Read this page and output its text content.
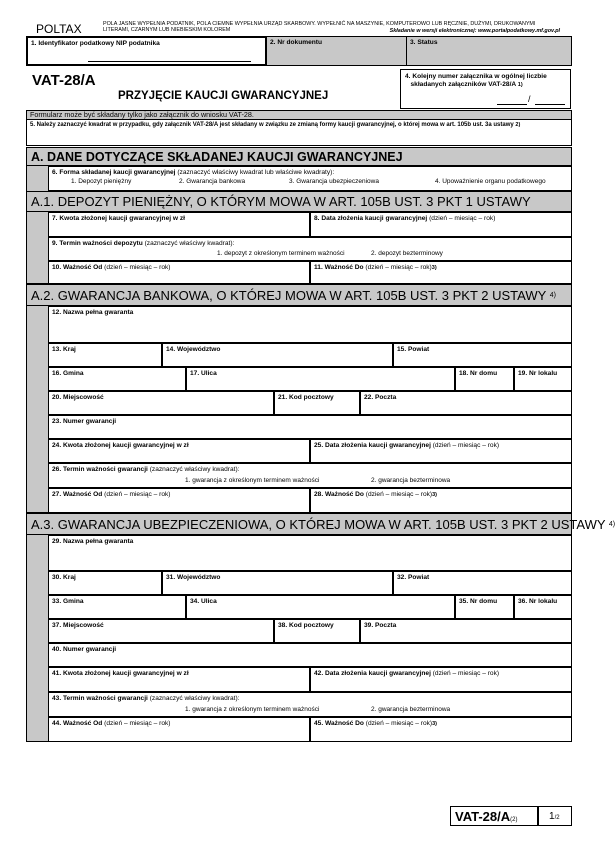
POLTAX	POLA JASNE WYPEŁNIA PODATNIK, POLA CIEMNE WYPEŁNIA URZĄD SKARBOWY. WYPEŁNIĆ NA MASZYNIE, KOMPUTEROWO LUB RĘCZNIE, DUŻYMI, DRUKOWANYMI LITERAMI, CZARNYM LUB NIEBIESKIM KOLOREM	Składanie w wersji elektronicznej: www.portalpodatkowy.mf.gov.pl
1. Identyfikator podatkowy NIP podatnika	2. Nr dokumentu	3. Status
VAT-28/A
PRZYJĘCIE KAUCJI GWARANCYJNEJ
4. Kolejny numer załącznika w ogólnej liczbie
składanych załączników VAT-28/A $^{1)}$
/
Formularz może być składany tylko jako załącznik do wniosku VAT-28.
5. Należy zaznaczyć kwadrat w przypadku, gdy załącznik VAT-28/A jest składany w związku ze zmianą formy kaucji gwarancyjnej, o której mowa w art. 105b ust. 3a ustawy 2)
A. DANE DOTYCZĄCE SKŁADANEJ KAUCJI GWARANCYJNEJ
6. Forma składanej kaucji gwarancyjnej (zaznaczyć właściwy kwadrat lub właściwe kwadraty):
1. Depozyt pieniężny	2. Gwarancja bankowa	3. Gwarancja ubezpieczeniowa	4. Upoważnienie organu podatkowego
A.1. DEPOZYT PIENIĘŻNY, O KTÓRYM MOWA W ART. 105B UST. 3 PKT 1 USTAWY
7. Kwota złożonej kaucji gwarancyjnej w zł	8. Data złożenia kaucji gwarancyjnej (dzień – miesiąc – rok)
9. Termin ważności depozytu (zaznaczyć właściwy kwadrat):
1. depozyt z określonym terminem ważności	2. depozyt bezterminowy
10. Ważność Od (dzień – miesiąc – rok)	11. Ważność Do (dzień – miesiąc – rok)$^{3)}$
A.2. GWARANCJA BANKOWA, O KTÓREJ MOWA W ART. 105B UST. 3 PKT 2 USTAWY $^{4)}$
12. Nazwa pełna gwaranta
13. Kraj	14. Województwo	15. Powiat
16. Gmina	17. Ulica	18. Nr domu	19. Nr lokalu
20. Miejscowość	21. Kod pocztowy	22. Poczta
23. Numer gwarancji
24. Kwota złożonej kaucji gwarancyjnej w zł	25. Data złożenia kaucji gwarancyjnej (dzień – miesiąc – rok)
26. Termin ważności gwarancji (zaznaczyć właściwy kwadrat):
1. gwarancja z określonym terminem ważności	2. gwarancja bezterminowa
27. Ważność Od (dzień – miesiąc – rok)	28. Ważność Do (dzień – miesiąc – rok)$^{3)}$
A.3. GWARANCJA UBEZPIECZENIOWA, O KTÓREJ MOWA W ART. 105B UST. 3 PKT 2 USTAWY $^{4)}$
29. Nazwa pełna gwaranta
30. Kraj	31. Województwo	32. Powiat
33. Gmina	34. Ulica	35. Nr domu	36. Nr lokalu
37. Miejscowość	38. Kod pocztowy	39. Poczta
40. Numer gwarancji
41. Kwota złożonej kaucji gwarancyjnej w zł	42. Data złożenia kaucji gwarancyjnej (dzień – miesiąc – rok)
43. Termin ważności gwarancji (zaznaczyć właściwy kwadrat):
1. gwarancja z określonym terminem ważności	2. gwarancja bezterminowa
44. Ważność Od (dzień – miesiąc – rok)	45. Ważność Do (dzień – miesiąc – rok)$^{3)}$
VAT-28/A(2)	1/2
